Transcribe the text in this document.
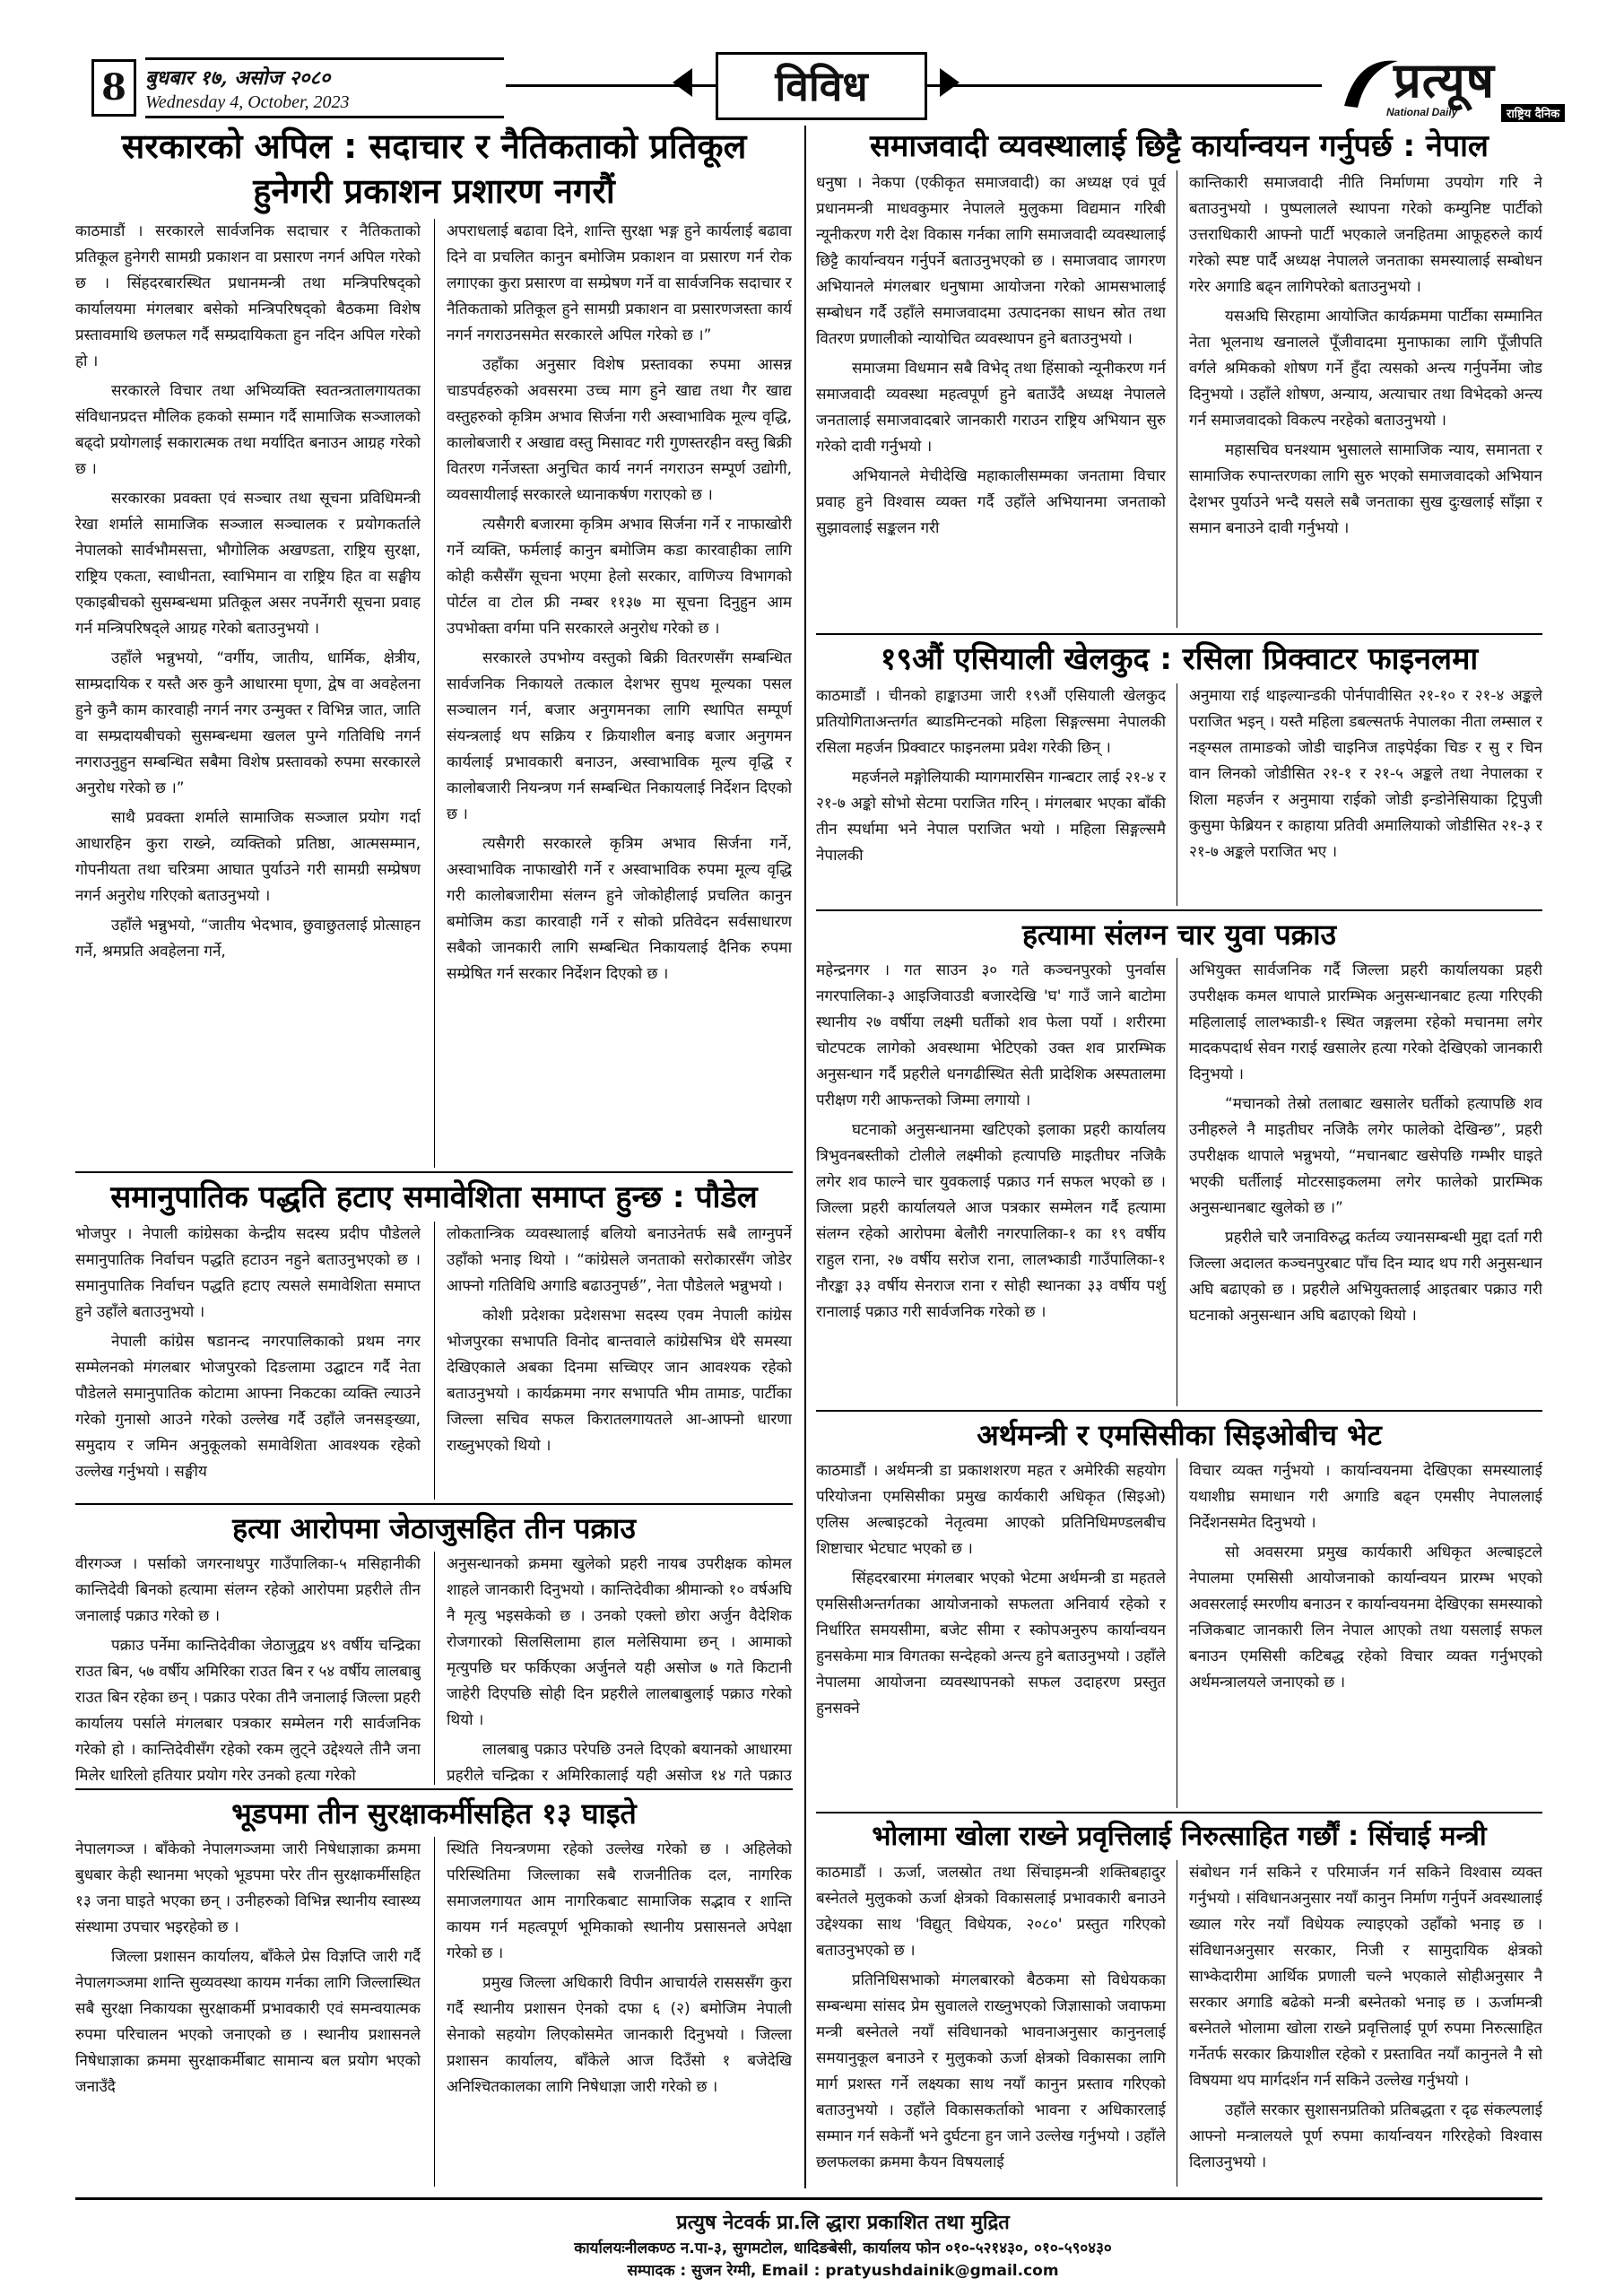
8 बुधबार १७, असोज २०८०
Wednesday 4, October, 2023	विविध	प्रत्यूष
National Daily	राष्ट्रिय दैनिक
सरकारको अपिल : सदाचार र नैतिकताको प्रतिकूल
हुनेगरी प्रकाशन प्रशारण नगरौं

काठमाडौं । सरकारले सार्वजनिक सदाचार र नैतिकताको प्रतिकूल हुनेगरी सामग्री प्रकाशन वा प्रसारण नगर्न अपिल गरेको छ । सिंहदरबारस्थित प्रधानमन्त्री तथा मन्त्रिपरिषद्को कार्यालयमा मंगलबार बसेको मन्त्रिपरिषद्को बैठकमा विशेष प्रस्तावमाथि छलफल गर्दै सम्प्रदायिकता हुन नदिन अपिल गरेको हो ।

सरकारले विचार तथा अभिव्यक्ति स्वतन्त्रतालगायतका संविधानप्रदत्त मौलिक हकको सम्मान गर्दै सामाजिक सञ्जालको बढ्दो प्रयोगलाई सकारात्मक तथा मर्यादित बनाउन आग्रह गरेको छ ।

सरकारका प्रवक्ता एवं सञ्चार तथा सूचना प्रविधिमन्त्री रेखा शर्माले सामाजिक सञ्जाल सञ्चालक र प्रयोगकर्ताले नेपालको सार्वभौमसत्ता, भौगोलिक अखण्डता, राष्ट्रिय सुरक्षा, राष्ट्रिय एकता, स्वाधीनता, स्वाभिमान वा राष्ट्रिय हित वा सङ्घीय एकाइबीचको सुसम्बन्धमा प्रतिकूल असर नपर्नेगरी सूचना प्रवाह गर्न मन्त्रिपरिषद्ले आग्रह गरेको बताउनुभयो ।

उहाँले भन्नुभयो, “वर्गीय, जातीय, धार्मिक, क्षेत्रीय, साम्प्रदायिक र यस्तै अरु कुनै आधारमा घृणा, द्वेष वा अवहेलना हुने कुनै काम कारवाही नगर्न नगर उन्मुक्त र विभिन्न जात, जाति वा सम्प्रदायबीचको सुसम्बन्धमा खलल पुग्ने गतिविधि नगर्न नगराउनुहुन सम्बन्धित सबैमा विशेष प्रस्तावको रुपमा सरकारले अनुरोध गरेको छ ।”

साथै प्रवक्ता शर्माले सामाजिक सञ्जाल प्रयोग गर्दा आधारहिन कुरा राख्ने, व्यक्तिको प्रतिष्ठा, आत्मसम्मान, गोपनीयता तथा चरित्रमा आघात पुर्याउने गरी सामग्री सम्प्रेषण नगर्न अनुरोध गरिएको बताउनुभयो ।

उहाँले भन्नुभयो, “जातीय भेदभाव, छुवाछुतलाई प्रोत्साहन गर्ने, श्रमप्रति अवहेलना गर्ने,

अपराधलाई बढावा दिने, शान्ति सुरक्षा भङ्ग हुने कार्यलाई बढावा दिने वा प्रचलित कानुन बमोजिम प्रकाशन वा प्रसारण गर्न रोक लगाएका कुरा प्रसारण वा सम्प्रेषण गर्ने वा सार्वजनिक सदाचार र नैतिकताको प्रतिकूल हुने सामग्री प्रकाशन वा प्रसारणजस्ता कार्य नगर्न नगराउनसमेत सरकारले अपिल गरेको छ ।”

उहाँका अनुसार विशेष प्रस्तावका रुपमा आसन्न चाडपर्वहरुको अवसरमा उच्च माग हुने खाद्य तथा गैर खाद्य वस्तुहरुको कृत्रिम अभाव सिर्जना गरी अस्वाभाविक मूल्य वृद्धि, कालोबजारी र अखाद्य वस्तु मिसावट गरी गुणस्तरहीन वस्तु बिक्री वितरण गर्नेजस्ता अनुचित कार्य नगर्न नगराउन सम्पूर्ण उद्योगी, व्यवसायीलाई सरकारले ध्यानाकर्षण गराएको छ ।

त्यसैगरी बजारमा कृत्रिम अभाव सिर्जना गर्ने र नाफाखोरी गर्ने व्यक्ति, फर्मलाई कानुन बमोजिम कडा कारवाहीका लागि कोही कसैसँग सूचना भएमा हेलो सरकार, वाणिज्य विभागको पोर्टल वा टोल फ्री नम्बर ११३७ मा सूचना दिनुहुन आम उपभोक्ता वर्गमा पनि सरकारले अनुरोध गरेको छ ।

सरकारले उपभोग्य वस्तुको बिक्री वितरणसँग सम्बन्धित सार्वजनिक निकायले तत्काल देशभर सुपथ मूल्यका पसल सञ्चालन गर्न, बजार अनुगमनका लागि स्थापित सम्पूर्ण संयन्त्रलाई थप सक्रिय र क्रियाशील बनाइ बजार अनुगमन कार्यलाई प्रभावकारी बनाउन, अस्वाभाविक मूल्य वृद्धि र कालोबजारी नियन्त्रण गर्न सम्बन्धित निकायलाई निर्देशन दिएको छ ।

त्यसैगरी सरकारले कृत्रिम अभाव सिर्जना गर्ने, अस्वाभाविक नाफाखोरी गर्ने र अस्वाभाविक रुपमा मूल्य वृद्धि गरी कालोबजारीमा संलग्न हुने जोकोहीलाई प्रचलित कानुन बमोजिम कडा कारवाही गर्ने र सोको प्रतिवेदन सर्वसाधारण सबैको जानकारी लागि सम्बन्धित निकायलाई दैनिक रुपमा सम्प्रेषित गर्न सरकार निर्देशन दिएको छ ।

समानुपातिक पद्धति हटाए समावेशिता समाप्त हुन्छ : पौडेल

भोजपुर । नेपाली कांग्रेसका केन्द्रीय सदस्य प्रदीप पौडेलले समानुपातिक निर्वाचन पद्धति हटाउन नहुने बताउनुभएको छ । समानुपातिक निर्वाचन पद्धति हटाए त्यसले समावेशिता समाप्त हुने उहाँले बताउनुभयो ।

नेपाली कांग्रेस षडानन्द नगरपालिकाको प्रथम नगर सम्मेलनको मंगलबार भोजपुरको दिङलामा उद्घाटन गर्दै नेता पौडेलले समानुपातिक कोटामा आफ्ना निकटका व्यक्ति ल्याउने गरेको गुनासो आउने गरेको उल्लेख गर्दै उहाँले जनसङ्ख्या, समुदाय र जमिन अनुकूलको समावेशिता आवश्यक रहेको उल्लेख गर्नुभयो । सङ्घीय

लोकतान्त्रिक व्यवस्थालाई बलियो बनाउनेतर्फ सबै लाग्नुपर्ने उहाँको भनाइ थियो । “कांग्रेसले जनताको सरोकारसँग जोडेर आफ्नो गतिविधि अगाडि बढाउनुपर्छ”, नेता पौडेलले भन्नुभयो ।

कोशी प्रदेशका प्रदेशसभा सदस्य एवम नेपाली कांग्रेस भोजपुरका सभापति विनोद बान्तवाले कांग्रेसभित्र धेरै समस्या देखिएकाले अबका दिनमा सच्चिएर जान आवश्यक रहेको बताउनुभयो । कार्यक्रममा नगर सभापति भीम तामाङ, पार्टीका जिल्ला सचिव सफल किरातलगायतले आ-आफ्नो धारणा राख्नुभएको थियो ।

हत्या आरोपमा जेठाजुसहित तीन पक्राउ

वीरगञ्ज । पर्साको जगरनाथपुर गाउँपालिका-५ मसिहानीकी कान्तिदेवी बिनको हत्यामा संलग्न रहेको आरोपमा प्रहरीले तीन जनालाई पक्राउ गरेको छ ।

पक्राउ पर्नेमा कान्तिदेवीका जेठाजुद्वय ४९ वर्षीय चन्द्रिका राउत बिन, ५७ वर्षीय अमिरिका राउत बिन र ५४ वर्षीय लालबाबु राउत बिन रहेका छन् । पक्राउ परेका तीनै जनालाई जिल्ला प्रहरी कार्यालय पर्साले मंगलबार पत्रकार सम्मेलन गरी सार्वजनिक गरेको हो । कान्तिदेवीसँग रहेको रकम लुट्ने उद्देश्यले तीनै जना मिलेर धारिलो हतियार प्रयोग गरेर उनको हत्या गरेको

अनुसन्धानको क्रममा खुलेको प्रहरी नायब उपरीक्षक कोमल शाहले जानकारी दिनुभयो । कान्तिदेवीका श्रीमान्को १० वर्षअघि नै मृत्यु भइसकेको छ । उनको एक्लो छोरा अर्जुन वैदेशिक रोजगारको सिलसिलामा हाल मलेसियामा छन् । आमाको मृत्युपछि घर फर्किएका अर्जुनले यही असोज ७ गते किटानी जाहेरी दिएपछि सोही दिन प्रहरीले लालबाबुलाई पक्राउ गरेको थियो ।

लालबाबु पक्राउ परेपछि उनले दिएको बयानको आधारमा प्रहरीले चन्द्रिका र अमिरिकालाई यही असोज १४ गते पक्राउ

भूडपमा तीन सुरक्षाकर्मीसहित १३ घाइते

नेपालगञ्ज । बाँकेको नेपालगञ्जमा जारी निषेधाज्ञाका क्रममा बुधबार केही स्थानमा भएको भूडपमा परेर तीन सुरक्षाकर्मीसहित १३ जना घाइते भएका छन् । उनीहरुको विभिन्न स्थानीय स्वास्थ्य संस्थामा उपचार भइरहेको छ ।

जिल्ला प्रशासन कार्यालय, बाँकेले प्रेस विज्ञप्ति जारी गर्दै नेपालगञ्जमा शान्ति सुव्यवस्था कायम गर्नका लागि जिल्लास्थित सबै सुरक्षा निकायका सुरक्षाकर्मी प्रभावकारी एवं समन्वयात्मक रुपमा परिचालन भएको जनाएको छ । स्थानीय प्रशासनले निषेधाज्ञाका क्रममा सुरक्षाकर्मीबाट सामान्य बल प्रयोग भएको जनाउँदै

स्थिति नियन्त्रणमा रहेको उल्लेख गरेको छ । अहिलेको परिस्थितिमा जिल्लाका सबै राजनीतिक दल, नागरिक समाजलगायत आम नागरिकबाट सामाजिक सद्भाव र शान्ति कायम गर्न महत्वपूर्ण भूमिकाको स्थानीय प्रसासनले अपेक्षा गरेको छ ।

प्रमुख जिल्ला अधिकारी विपीन आचार्यले रासससँग कुरा गर्दै स्थानीय प्रशासन ऐनको दफा ६ (२) बमोजिम नेपाली सेनाको सहयोग लिएकोसमेत जानकारी दिनुभयो । जिल्ला प्रशासन कार्यालय, बाँकेले आज दिउँसो १ बजेदेखि अनिश्चितकालका लागि निषेधाज्ञा जारी गरेको छ ।

समाजवादी व्यवस्थालाई छिट्टै कार्यान्वयन गर्नुपर्छ : नेपाल

धनुषा । नेकपा (एकीकृत समाजवादी) का अध्यक्ष एवं पूर्व प्रधानमन्त्री माधवकुमार नेपालले मुलुकमा विद्यमान गरिबी न्यूनीकरण गरी देश विकास गर्नका लागि समाजवादी व्यवस्थालाई छिट्टै कार्यान्वयन गर्नुपर्ने बताउनुभएको छ । समाजवाद जागरण अभियानले मंगलबार धनुषामा आयोजना गरेको आमसभालाई सम्बोधन गर्दै उहाँले समाजवादमा उत्पादनका साधन स्रोत तथा वितरण प्रणालीको न्यायोचित व्यवस्थापन हुने बताउनुभयो ।

समाजमा विधमान सबै विभेद् तथा हिंसाको न्यूनीकरण गर्न समाजवादी व्यवस्था महत्वपूर्ण हुने बताउँदै अध्यक्ष नेपालले जनतालाई समाजवादबारे जानकारी गराउन राष्ट्रिय अभियान सुरु गरेको दावी गर्नुभयो ।

अभियानले मेचीदेखि महाकालीसम्मका जनतामा विचार प्रवाह हुने विश्वास व्यक्त गर्दै उहाँले अभियानमा जनताको सुझावलाई सङ्कलन गरी

कान्तिकारी समाजवादी नीति निर्माणमा उपयोग गरि ने बताउनुभयो । पुष्पलालले स्थापना गरेको कम्युनिष्ट पार्टीको उत्तराधिकारी आफ्नो पार्टी भएकाले जनहितमा आफूहरुले कार्य गरेको स्पष्ट पार्दै अध्यक्ष नेपालले जनताका समस्यालाई सम्बोधन गरेर अगाडि बढ्न लागिपरेको बताउनुभयो ।

यसअघि सिरहामा आयोजित कार्यक्रममा पार्टीका सम्मानित नेता भूलनाथ खनालले पूँजीवादमा मुनाफाका लागि पूँजीपति वर्गले श्रमिकको शोषण गर्ने हुँदा त्यसको अन्त्य गर्नुपर्नेमा जोड दिनुभयो । उहाँले शोषण, अन्याय, अत्याचार तथा विभेदको अन्त्य गर्न समाजवादको विकल्प नरहेको बताउनुभयो ।

महासचिव घनश्याम भुसालले सामाजिक न्याय, समानता र सामाजिक रुपान्तरणका लागि सुरु भएको समाजवादको अभियान देशभर पुर्याउने भन्दै यसले सबै जनताका सुख दुःखलाई साँझा र समान बनाउने दावी गर्नुभयो ।

१९औं एसियाली खेलकुद : रसिला प्रिक्वाटर फाइनलमा

काठमाडौं । चीनको हाङ्काउमा जारी १९औं एसियाली खेलकुद प्रतियोगिताअन्तर्गत ब्याडमिन्टनको महिला सिङ्गल्समा नेपालकी रसिला महर्जन प्रिक्वाटर फाइनलमा प्रवेश गरेकी छिन् ।

महर्जनले मङ्गोलियाकी म्यागमारसिन गान्बटार लाई २१-४ र २१-७ अङ्को सोभो सेटमा पराजित गरिन् । मंगलबार भएका बाँकी तीन स्पर्धामा भने नेपाल पराजित भयो । महिला सिङ्गल्समै नेपालकी

अनुमाया राई थाइल्यान्डकी पोर्नपावीसित २१-१० र २१-४ अङ्कले पराजित भइन् । यस्तै महिला डबल्सतर्फ नेपालका नीता लम्साल र नङ्ग्सल तामाङको जोडी चाइनिज ताइपेईका चिङ र सु र चिन वान लिनको जोडीसित २१-१ र २१-५ अङ्कले तथा नेपालका र शिला महर्जन र अनुमाया राईको जोडी इन्डोनेसियाका ट्रिपुजी कुसुमा फेब्रियन र काहाया प्रतिवी अमालियाको जोडीसित २१-३ र २१-७ अङ्कले पराजित भए ।

हत्यामा संलग्न चार युवा पक्राउ

महेन्द्रनगर । गत साउन ३० गते कञ्चनपुरको पुनर्वास नगरपालिका-३ आइजिवाउडी बजारदेखि 'घ' गाउँ जाने बाटोमा स्थानीय २७ वर्षीया लक्ष्मी घर्तीको शव फेला पर्यो । शरीरमा चोटपटक लागेको अवस्थामा भेटिएको उक्त शव प्रारम्भिक अनुसन्धान गर्दै प्रहरीले धनगढीस्थित सेती प्रादेशिक अस्पतालमा परीक्षण गरी आफन्तको जिम्मा लगायो ।

घटनाको अनुसन्धानमा खटिएको इलाका प्रहरी कार्यालय त्रिभुवनबस्तीको टोलीले लक्ष्मीको हत्यापछि माइतीघर नजिकै लगेर शव फाल्ने चार युवकलाई पक्राउ गर्न सफल भएको छ । जिल्ला प्रहरी कार्यालयले आज पत्रकार सम्मेलन गर्दै हत्यामा संलग्न रहेको आरोपमा बेलौरी नगरपालिका-१ का १९ वर्षीय राहुल राना, २७ वर्षीय सरोज राना, लालभ्काडी गाउँपालिका-१ नौरङ्का ३३ वर्षीय सेनराज राना र सोही स्थानका ३३ वर्षीय पर्शु रानालाई पक्राउ गरी सार्वजनिक गरेको छ ।

अभियुक्त सार्वजनिक गर्दै जिल्ला प्रहरी कार्यालयका प्रहरी उपरीक्षक कमल थापाले प्रारम्भिक अनुसन्धानबाट हत्या गरिएकी महिलालाई लालभ्काडी-१ स्थित जङ्गलमा रहेको मचानमा लगेर मादकपदार्थ सेवन गराई खसालेर हत्या गरेको देखिएको जानकारी दिनुभयो ।

“मचानको तेस्रो तलाबाट खसालेर घर्तीको हत्यापछि शव उनीहरुले नै माइतीघर नजिकै लगेर फालेको देखिन्छ”, प्रहरी उपरीक्षक थापाले भन्नुभयो, “मचानबाट खसेपछि गम्भीर घाइते भएकी घर्तीलाई मोटरसाइकलमा लगेर फालेको प्रारम्भिक अनुसन्धानबाट खुलेको छ ।”

प्रहरीले चारै जनाविरुद्ध कर्तव्य ज्यानसम्बन्धी मुद्दा दर्ता गरी जिल्ला अदालत कञ्चनपुरबाट पाँच दिन म्याद थप गरी अनुसन्धान अघि बढाएको छ । प्रहरीले अभियुक्तलाई आइतबार पक्राउ गरी घटनाको अनुसन्धान अघि बढाएको थियो ।

अर्थमन्त्री र एमसिसीका सिइओबीच भेट

काठमाडौं । अर्थमन्त्री डा प्रकाशशरण महत र अमेरिकी सहयोग परियोजना एमसिसीका प्रमुख कार्यकारी अधिकृत (सिइओ) एलिस अल्बाइटको नेतृत्वमा आएको प्रतिनिधिमण्डलबीच शिष्टाचार भेटघाट भएको छ ।

सिंहदरबारमा मंगलबार भएको भेटमा अर्थमन्त्री डा महतले एमसिसीअन्तर्गतका आयोजनाको सफलता अनिवार्य रहेको र निर्धारित समयसीमा, बजेट सीमा र स्कोपअनुरुप कार्यान्वयन हुनसकेमा मात्र विगतका सन्देहको अन्त्य हुने बताउनुभयो । उहाँले नेपालमा आयोजना व्यवस्थापनको सफल उदाहरण प्रस्तुत हुनसक्ने

विचार व्यक्त गर्नुभयो । कार्यान्वयनमा देखिएका समस्यालाई यथाशीघ्र समाधान गरी अगाडि बढ्न एमसीए नेपाललाई निर्देशनसमेत दिनुभयो ।

सो अवसरमा प्रमुख कार्यकारी अधिकृत अल्बाइटले नेपालमा एमसिसी आयोजनाको कार्यान्वयन प्रारम्भ भएको अवसरलाई स्मरणीय बनाउन र कार्यान्वयनमा देखिएका समस्याको नजिकबाट जानकारी लिन नेपाल आएको तथा यसलाई सफल बनाउन एमसिसी कटिबद्ध रहेको विचार व्यक्त गर्नुभएको अर्थमन्त्रालयले जनाएको छ ।

भोलामा खोला राख्ने प्रवृत्तिलाई निरुत्साहित गर्छौं : सिंचाई मन्त्री

काठमाडौं । ऊर्जा, जलस्रोत तथा सिंचाइमन्त्री शक्तिबहादुर बस्नेतले मुलुकको ऊर्जा क्षेत्रको विकासलाई प्रभावकारी बनाउने उद्देश्यका साथ 'विद्युत् विधेयक, २०८०' प्रस्तुत गरिएको बताउनुभएको छ ।

प्रतिनिधिसभाको मंगलबारको बैठकमा सो विधेयकका सम्बन्धमा सांसद प्रेम सुवालले राख्नुभएको जिज्ञासाको जवाफमा मन्त्री बस्नेतले नयाँ संविधानको भावनाअनुसार कानुनलाई समयानुकूल बनाउने र मुलुकको ऊर्जा क्षेत्रको विकासका लागि मार्ग प्रशस्त गर्ने लक्ष्यका साथ नयाँ कानुन प्रस्ताव गरिएको बताउनुभयो । उहाँले विकासकर्ताको भावना र अधिकारलाई सम्मान गर्न सकेनौं भने दुर्घटना हुन जाने उल्लेख गर्नुभयो । उहाँले छलफलका क्रममा कैयन विषयलाई

संबोधन गर्न सकिने र परिमार्जन गर्न सकिने विश्वास व्यक्त गर्नुभयो । संविधानअनुसार नयाँ कानुन निर्माण गर्नुपर्ने अवस्थालाई ख्याल गरेर नयाँ विधेयक ल्याइएको उहाँको भनाइ छ । संविधानअनुसार सरकार, निजी र सामुदायिक क्षेत्रको साभ्केदारीमा आर्थिक प्रणाली चल्ने भएकाले सोहीअनुसार नै सरकार अगाडि बढेको मन्त्री बस्नेतको भनाइ छ । ऊर्जामन्त्री बस्नेतले भोलामा खोला राख्ने प्रवृत्तिलाई पूर्ण रुपमा निरुत्साहित गर्नेतर्फ सरकार क्रियाशील रहेको र प्रस्तावित नयाँ कानुनले नै सो विषयमा थप मार्गदर्शन गर्न सकिने उल्लेख गर्नुभयो ।

उहाँले सरकार सुशासनप्रतिको प्रतिबद्धता र दृढ संकल्पलाई आफ्नो मन्त्रालयले पूर्ण रुपमा कार्यान्वयन गरिरहेको विश्वास दिलाउनुभयो ।

प्रत्युष नेटवर्क प्रा.लि द्धारा प्रकाशित तथा मुद्रित
कार्यालयःनीलकण्ठ न.पा-३, सुगमटोल, धादिङबेसी, कार्यालय फोन ०१०-५२१४३०, ०१०-५९०४३०
सम्पादक : सुजन रेग्मी, Email : pratyushdainik@gmail.com
